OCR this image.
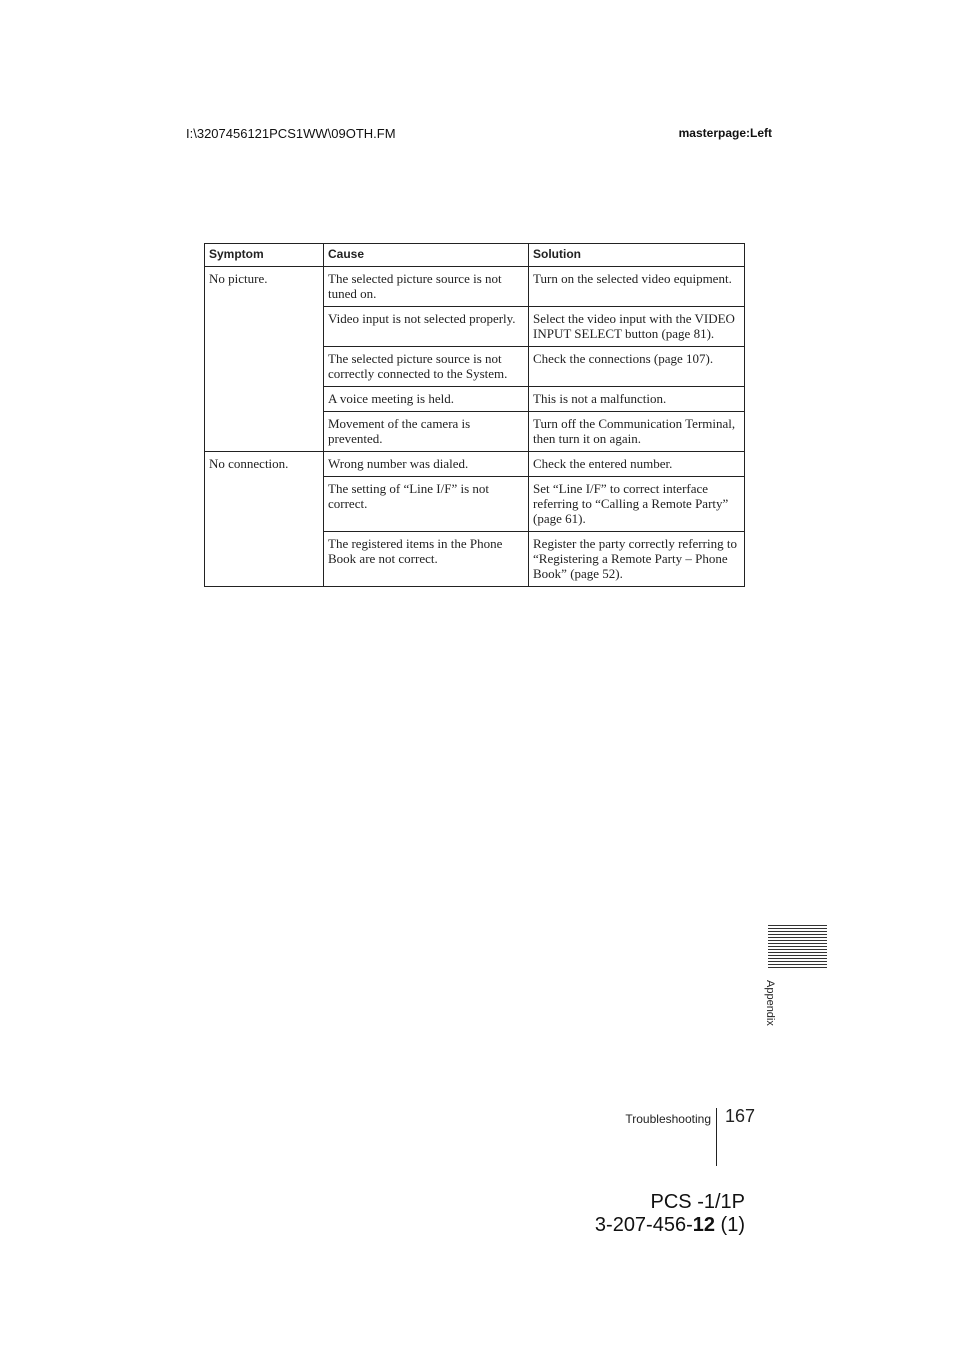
I:\3207456121PCS1WW\09OTH.FM	masterpage:Left
Symptom	Cause	Solution
No picture.	The selected picture source is not tuned on.	Turn on the selected video equipment.
	Video input is not selected properly.	Select the video input with the VIDEO INPUT SELECT button (page 81).
	The selected picture source is not correctly connected to the System.	Check the connections (page 107).
	A voice meeting is held.	This is not a malfunction.
	Movement of the camera is prevented.	Turn off the Communication Terminal, then turn it on again.
No connection.	Wrong number was dialed.	Check the entered number.
	The setting of “Line I/F” is not correct.	Set “Line I/F” to correct interface referring to “Calling a Remote Party” (page 61).
	The registered items in the Phone Book are not correct.	Register the party correctly referring to “Registering a Remote Party – Phone Book” (page 52).
Appendix
Troubleshooting 167
PCS -1/1P
3-207-456-12 (1)
